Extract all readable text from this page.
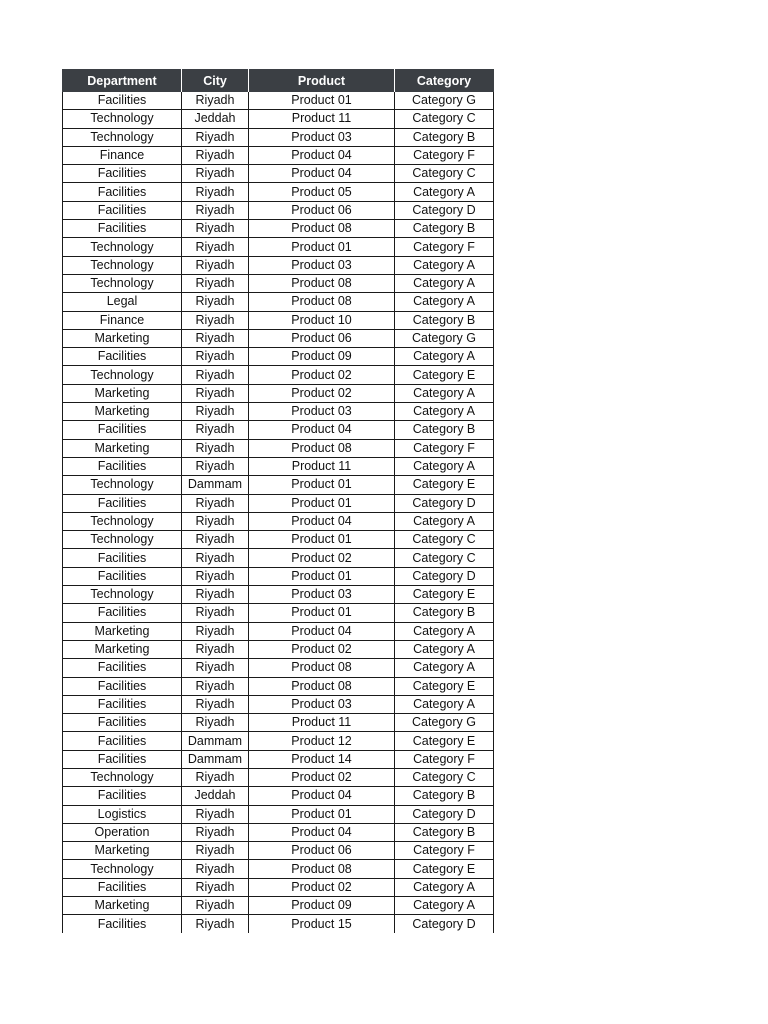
Department	City	Product	Category
Facilities	Riyadh	Product 01	Category G
Technology	Jeddah	Product 11	Category C
Technology	Riyadh	Product 03	Category B
Finance	Riyadh	Product 04	Category F
Facilities	Riyadh	Product 04	Category C
Facilities	Riyadh	Product 05	Category A
Facilities	Riyadh	Product 06	Category D
Facilities	Riyadh	Product 08	Category B
Technology	Riyadh	Product 01	Category F
Technology	Riyadh	Product 03	Category A
Technology	Riyadh	Product 08	Category A
Legal	Riyadh	Product 08	Category A
Finance	Riyadh	Product 10	Category B
Marketing	Riyadh	Product 06	Category G
Facilities	Riyadh	Product 09	Category A
Technology	Riyadh	Product 02	Category E
Marketing	Riyadh	Product 02	Category A
Marketing	Riyadh	Product 03	Category A
Facilities	Riyadh	Product 04	Category B
Marketing	Riyadh	Product 08	Category F
Facilities	Riyadh	Product 11	Category A
Technology	Dammam	Product 01	Category E
Facilities	Riyadh	Product 01	Category D
Technology	Riyadh	Product 04	Category A
Technology	Riyadh	Product 01	Category C
Facilities	Riyadh	Product 02	Category C
Facilities	Riyadh	Product 01	Category D
Technology	Riyadh	Product 03	Category E
Facilities	Riyadh	Product 01	Category B
Marketing	Riyadh	Product 04	Category A
Marketing	Riyadh	Product 02	Category A
Facilities	Riyadh	Product 08	Category A
Facilities	Riyadh	Product 08	Category E
Facilities	Riyadh	Product 03	Category A
Facilities	Riyadh	Product 11	Category G
Facilities	Dammam	Product 12	Category E
Facilities	Dammam	Product 14	Category F
Technology	Riyadh	Product 02	Category C
Facilities	Jeddah	Product 04	Category B
Logistics	Riyadh	Product 01	Category D
Operation	Riyadh	Product 04	Category B
Marketing	Riyadh	Product 06	Category F
Technology	Riyadh	Product 08	Category E
Facilities	Riyadh	Product 02	Category A
Marketing	Riyadh	Product 09	Category A
Facilities	Riyadh	Product 15	Category D
